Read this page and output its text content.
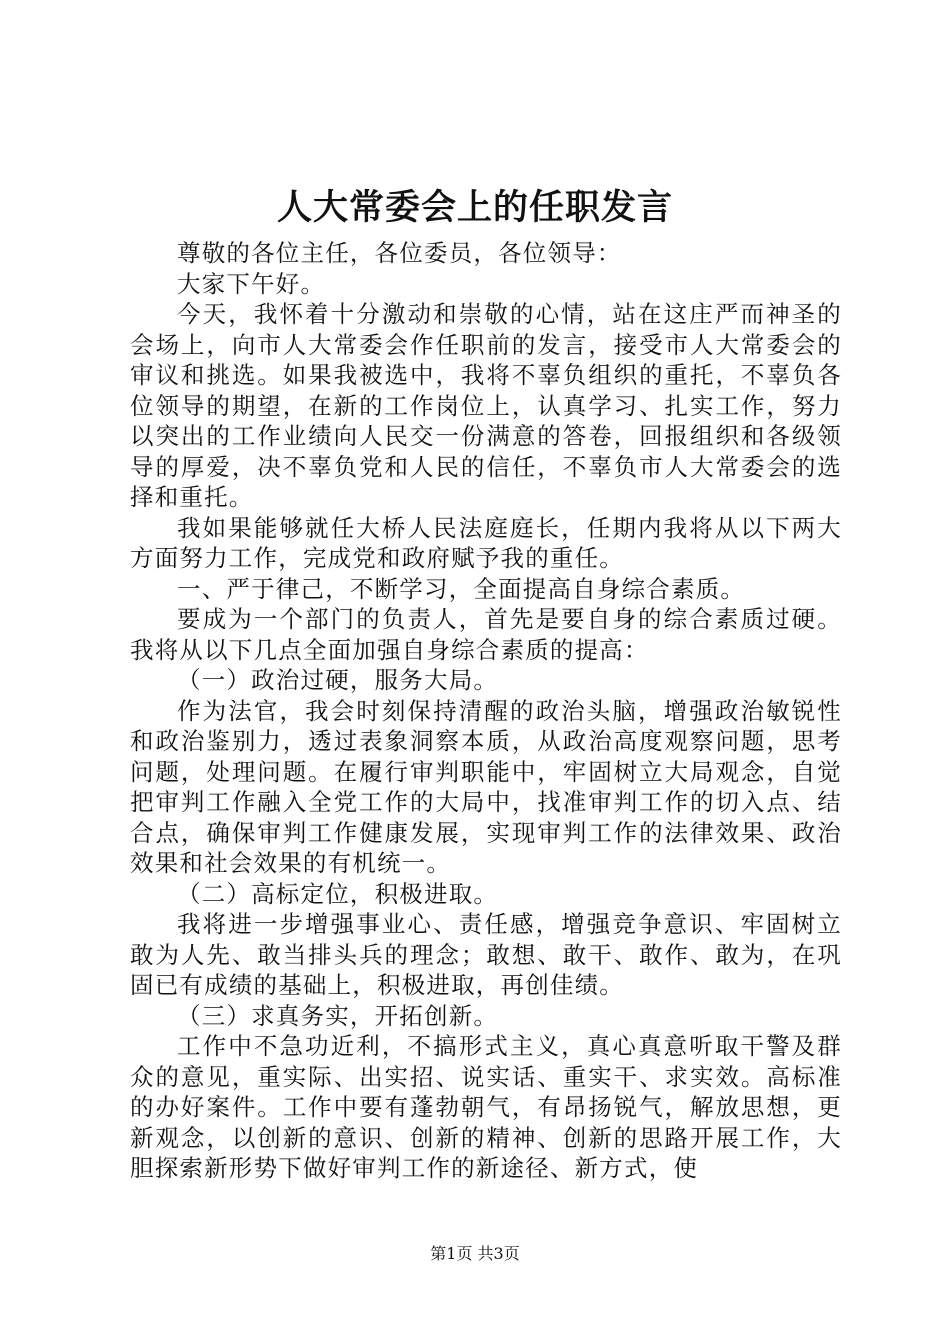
人大常委会上的任职发言

尊敬的各位主任，各位委员，各位领导：

大家下午好。

今天，我怀着十分激动和崇敬的心情，站在这庄严而神圣的会场上，向市人大常委会作任职前的发言，接受市人大常委会的审议和挑选。如果我被选中，我将不辜负组织的重托，不辜负各位领导的期望，在新的工作岗位上，认真学习、扎实工作，努力以突出的工作业绩向人民交一份满意的答卷，回报组织和各级领导的厚爱，决不辜负党和人民的信任，不辜负市人大常委会的选择和重托。

我如果能够就任大桥人民法庭庭长，任期内我将从以下两大方面努力工作，完成党和政府赋予我的重任。

一、严于律己，不断学习，全面提高自身综合素质。

要成为一个部门的负责人，首先是要自身的综合素质过硬。我将从以下几点全面加强自身综合素质的提高：

（一）政治过硬，服务大局。

作为法官，我会时刻保持清醒的政治头脑，增强政治敏锐性和政治鉴别力，透过表象洞察本质，从政治高度观察问题，思考问题，处理问题。在履行审判职能中，牢固树立大局观念，自觉把审判工作融入全党工作的大局中，找准审判工作的切入点、结合点，确保审判工作健康发展，实现审判工作的法律效果、政治效果和社会效果的有机统一。

（二）高标定位，积极进取。

我将进一步增强事业心、责任感，增强竞争意识、牢固树立敢为人先、敢当排头兵的理念；敢想、敢干、敢作、敢为，在巩固已有成绩的基础上，积极进取，再创佳绩。

（三）求真务实，开拓创新。

工作中不急功近利，不搞形式主义，真心真意听取干警及群众的意见，重实际、出实招、说实话、重实干、求实效。高标准的办好案件。工作中要有蓬勃朝气，有昂扬锐气，解放思想，更新观念，以创新的意识、创新的精神、创新的思路开展工作，大胆探索新形势下做好审判工作的新途径、新方式，使

第1页 共3页
